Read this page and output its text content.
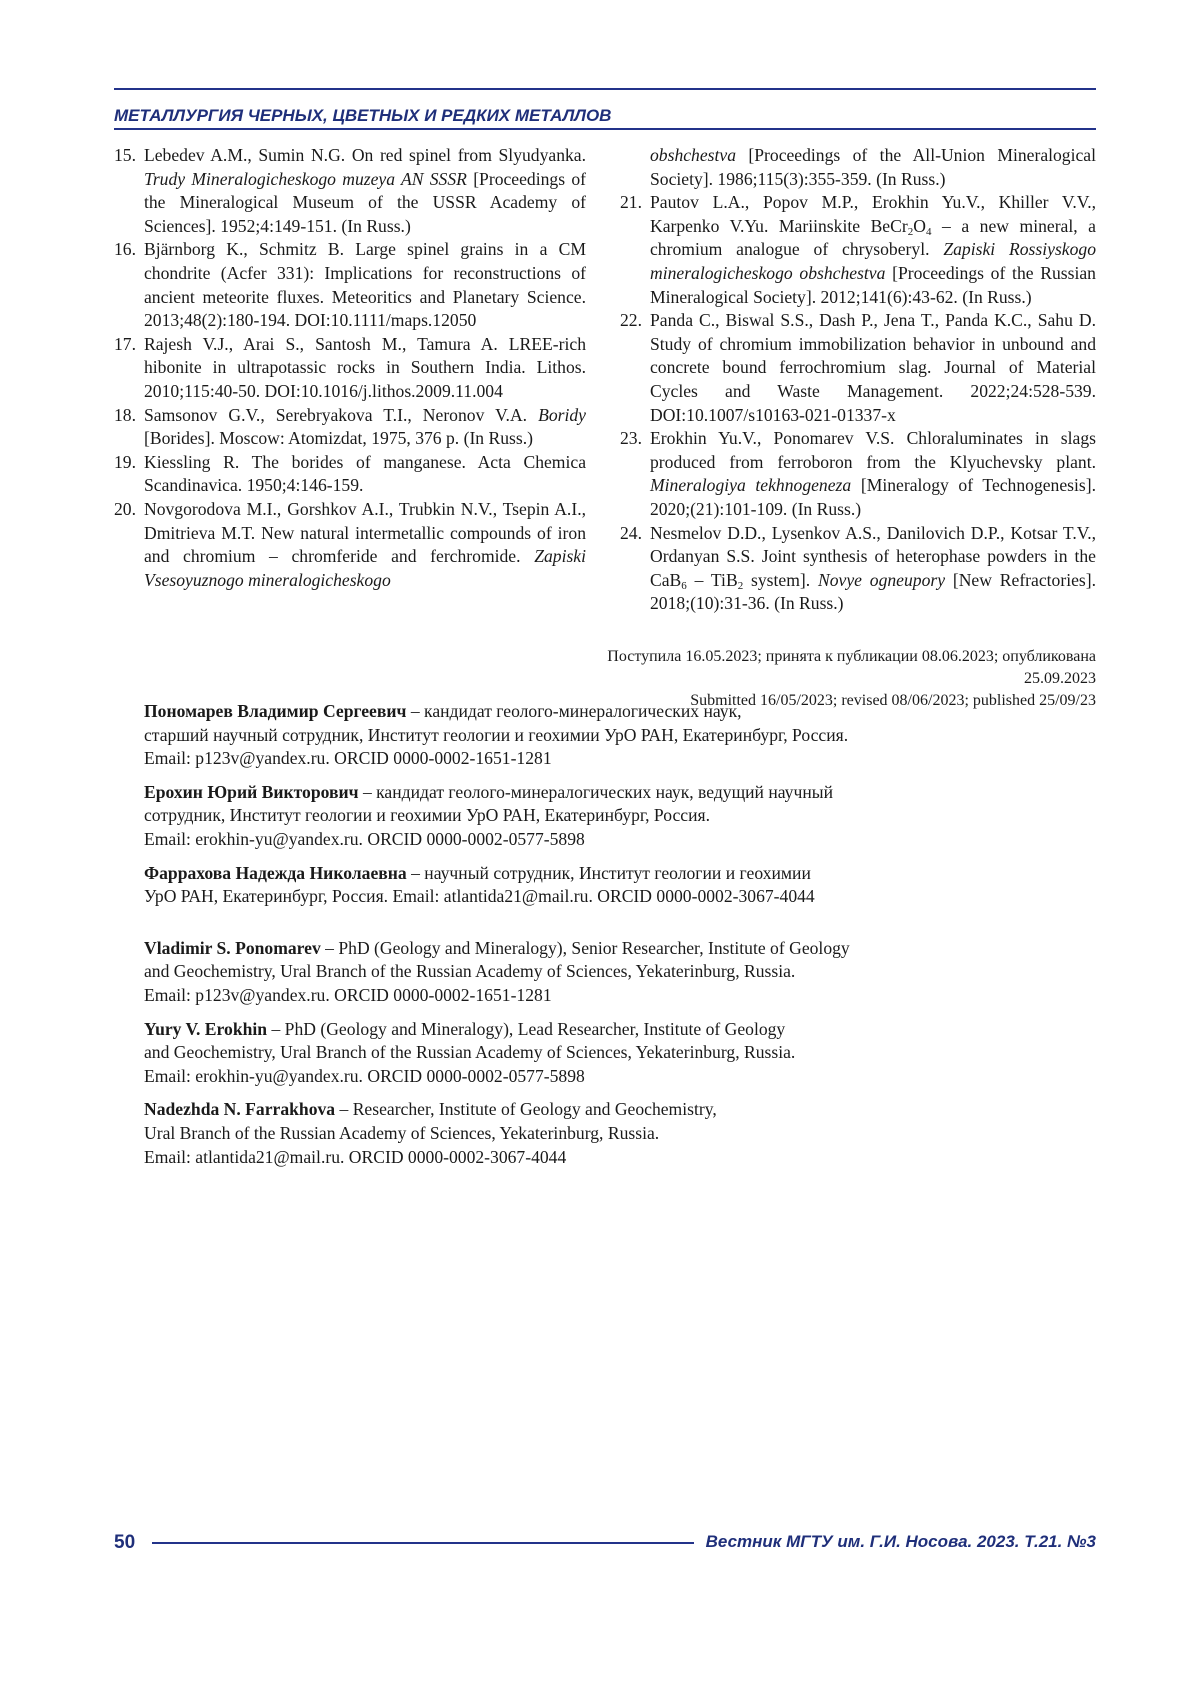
МЕТАЛЛУРГИЯ ЧЕРНЫХ, ЦВЕТНЫХ И РЕДКИХ МЕТАЛЛОВ
15. Lebedev A.M., Sumin N.G. On red spinel from Slyudyanka. Trudy Mineralogicheskogo muzeya AN SSSR [Proceedings of the Mineralogical Museum of the USSR Academy of Sciences]. 1952;4:149-151. (In Russ.)
16. Bjärnborg K., Schmitz B. Large spinel grains in a CM chondrite (Acfer 331): Implications for reconstructions of ancient meteorite fluxes. Meteoritics and Planetary Science. 2013;48(2):180-194. DOI:10.1111/maps.12050
17. Rajesh V.J., Arai S., Santosh M., Tamura A. LREE-rich hibonite in ultrapotassic rocks in Southern India. Lithos. 2010;115:40-50. DOI:10.1016/j.lithos.2009.11.004
18. Samsonov G.V., Serebryakova T.I., Neronov V.A. Boridy [Borides]. Moscow: Atomizdat, 1975, 376 p. (In Russ.)
19. Kiessling R. The borides of manganese. Acta Chemica Scandinavica. 1950;4:146-159.
20. Novgorodova M.I., Gorshkov A.I., Trubkin N.V., Tsepin A.I., Dmitrieva M.T. New natural intermetallic compounds of iron and chromium – chromferide and ferchromide. Zapiski Vsesoyuznogo mineralogicheskogo
obshchestva [Proceedings of the All-Union Mineralogical Society]. 1986;115(3):355-359. (In Russ.)
21. Pautov L.A., Popov M.P., Erokhin Yu.V., Khiller V.V., Karpenko V.Yu. Mariinskite $BeCr_2O_4$ – a new mineral, a chromium analogue of chrysoberyl. Zapiski Rossiyskogo mineralogicheskogo obshchestva [Proceedings of the Russian Mineralogical Society]. 2012;141(6):43-62. (In Russ.)
22. Panda C., Biswal S.S., Dash P., Jena T., Panda K.C., Sahu D. Study of chromium immobilization behavior in unbound and concrete bound ferrochromium slag. Journal of Material Cycles and Waste Management. 2022;24:528-539. DOI:10.1007/s10163-021-01337-x
23. Erokhin Yu.V., Ponomarev V.S. Chloraluminates in slags produced from ferroboron from the Klyuchevsky plant. Mineralogiya tekhnogeneza [Mineralogy of Technogenesis]. 2020;(21):101-109. (In Russ.)
24. Nesmelov D.D., Lysenkov A.S., Danilovich D.P., Kotsar T.V., Ordanyan S.S. Joint synthesis of heterophase powders in the CaB$_6$ – TiB$_2$ system]. Novye ogneupory [New Refractories]. 2018;(10):31-36. (In Russ.)
Поступила 16.05.2023; принята к публикации 08.06.2023; опубликована 25.09.2023
Submitted 16/05/2023; revised 08/06/2023; published 25/09/23
Пономарев Владимир Сергеевич – кандидат геолого-минералогических наук,
старший научный сотрудник, Институт геологии и геохимии УрО РАН, Екатеринбург, Россия.
Email: p123v@yandex.ru. ORCID 0000-0002-1651-1281
Ерохин Юрий Викторович – кандидат геолого-минералогических наук, ведущий научный
сотрудник, Институт геологии и геохимии УрО РАН, Екатеринбург, Россия.
Email: erokhin-yu@yandex.ru. ORCID 0000-0002-0577-5898
Фаррахова Надежда Николаевна – научный сотрудник, Институт геологии и геохимии
УрО РАН, Екатеринбург, Россия. Email: atlantida21@mail.ru. ORCID 0000-0002-3067-4044
Vladimir S. Ponomarev – PhD (Geology and Mineralogy), Senior Researcher, Institute of Geology
and Geochemistry, Ural Branch of the Russian Academy of Sciences, Yekaterinburg, Russia.
Email: p123v@yandex.ru. ORCID 0000-0002-1651-1281
Yury V. Erokhin – PhD (Geology and Mineralogy), Lead Researcher, Institute of Geology
and Geochemistry, Ural Branch of the Russian Academy of Sciences, Yekaterinburg, Russia.
Email: erokhin-yu@yandex.ru. ORCID 0000-0002-0577-5898
Nadezhda N. Farrakhova – Researcher, Institute of Geology and Geochemistry,
Ural Branch of the Russian Academy of Sciences, Yekaterinburg, Russia.
Email: atlantida21@mail.ru. ORCID 0000-0002-3067-4044
50	Вестник МГТУ им. Г.И. Носова. 2023. Т.21. №3
